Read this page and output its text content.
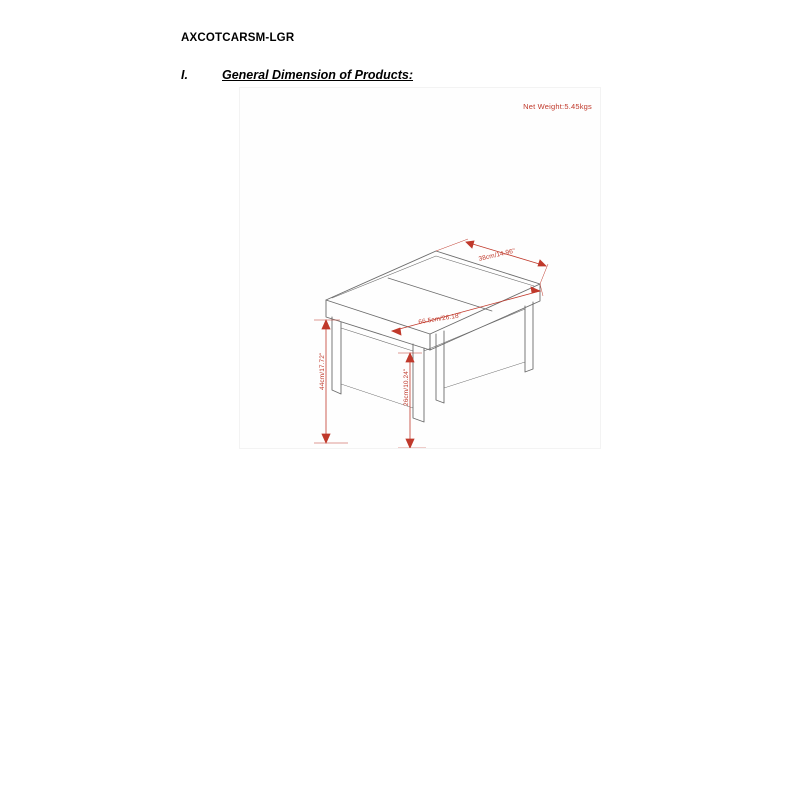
AXCOTCARSM-LGR
I.	General Dimension of Products:
Net Weight:5.45kgs
38cm/14.96"
66.5cm/26.18"
44cm/17.72"	26cm/10.24"
